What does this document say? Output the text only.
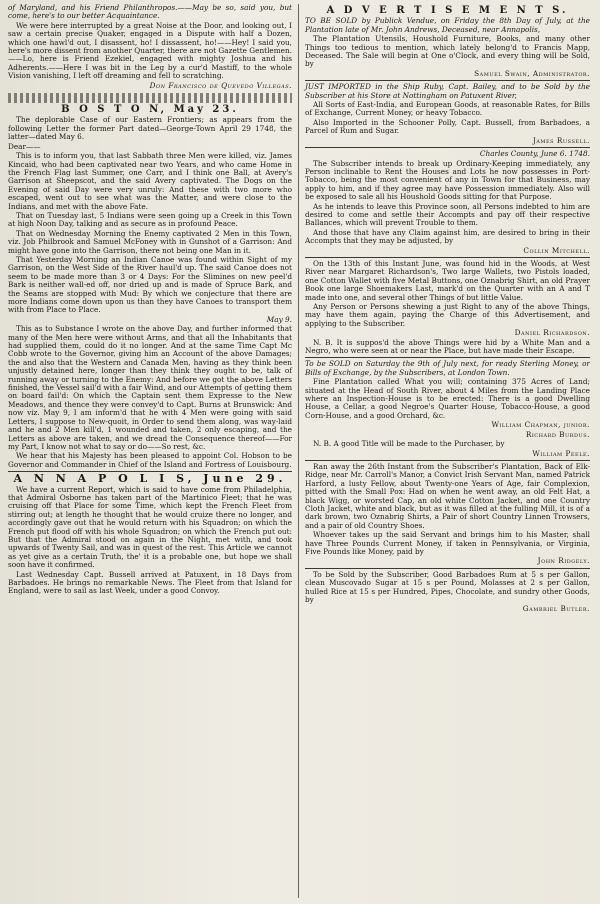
of Maryland, and his Friend Philanthropos.——May be so, said you, but come, here's to our better Acquaintance.

We were here interrupted by a great Noise at the Door, and looking out, I saw a certain precise Quaker, engaged in a Dispute with half a Dozen, which one hawl'd out, I disassent, ho! I dissassent, ho!——Hey! I said you, here's more dissent from another Quarter, there are not Gazette Gentlemen.——Lo, here is Friend Ezekiel, engaged with mighty Joshua and his Adherents.——Here I was bit in the Leg by a cur'd Mastiff, to the whole Vision vanishing, I left off dreaming and fell to scratching.

Don Francisco de Quevedo Villegas.

B O S T O N, May 23.

The deplorable Case of our Eastern Frontiers; as appears from the following Letter the former Part dated—George-Town April 29 1748, the latter—dated May 6.

Dear——

This is to inform you, that last Sabbath three Men were killed, viz. James Kincaid, who had been captivated near two Years, and who came Home in the French Flag last Summer, one Carr, and I think one Ball, at Avery's Garrison at Sheepscot, and the said Avery captivated. The Dogs on the Evening of said Day were very unruly: And these with two more who escaped, went out to see what was the Matter, and were close to the Indians, and met with the above Fate.

That on Tuesday last, 5 Indians were seen going up a Creek in this Town at high Noon Day, talking and as secure as in profound Peace.

That on Wednesday Morning the Enemy captivated 2 Men in this Town, viz. Job Philbrook and Samuel McFoney with in Gunshot of a Garrison: And might have gone into the Garrison, there not being one Man in it.

That Yesterday Morning an Indian Canoe was found within Sight of my Garrison, on the West Side of the River haul'd up. The said Canoe does not seem to be made more than 3 or 4 Days: For the Slimines on new peel'd Bark is neither wall-ed off, nor dried up and is made of Spruce Bark, and the Seams are stopped with Mud: By which we conjecture that there are more Indians come down upon us than they have Canoes to transport them with from Place to Place.

May 9.

This as to Substance I wrote on the above Day, and further informed that many of the Men here were without Arms, and that all the Inhabitants that had supplied them, could do it no longer. And at the same Time Capt Mc Cobb wrote to the Governor, giving him an Account of the above Damages; the and also that the Western and Canada Men, having as they think been unjustly detained here, longer than they think they ought to be, talk of running away or turning to the Enemy: And before we got the above Letters finished, the Vessel sail'd with a fair Wind, and our Attempts of getting them on board fail'd: On which the Captain sent them Expresse to the New Meadows, and thence they were convey'd to Capt. Burns at Brunswick: And now viz. May 9, I am inform'd that he with 4 Men were going with said Letters, I suppose to New-quoit, in Order to send them along, was way-laid and he and 2 Men kill'd, 1 wounded and taken, 2 only escaping, and the Letters as above are taken, and we dread the Consequence thereof——For my Part, I know not what to say or do——So rest, &c.

We hear that his Majesty has been pleased to appoint Col. Hobson to be Governor and Commander in Chief of the Island and Fortress of Louisbourg.

A N N A P O L I S, June 29.

We have a current Report, which is said to have come from Philadelphia, that Admiral Osborne has taken part of the Martinico Fleet; that he was cruising off that Place for some Time, which kept the French Fleet from stirring out; at length he thought that he would cruize there no longer, and accordingly gave out that he would return with his Squadron; on which the French put flood off with his whole Squadron; on which the French put out: But that the Admiral stood on again in the Night, met with, and took upwards of Twenty Sail, and was in quest of the rest. This Article we cannot as yet give as a certain Truth, the' it is a probable one, but hope we shall soon have it confirmed.

Last Wednesday Capt. Bussell arrived at Patuxent, in 18 Days from Barbadoes. He brings no remarkable News. The Fleet from that Island for England, were to sail as last Week, under a good Convoy.

A D V E R T I S E M E N T S.

TO BE SOLD by Publick Vendue, on Friday the 8th Day of July, at the Plantation late of Mr. John Andrews, Deceased, near Annapolis,

The Plantation Utensils, Houshold Furniture, Books, and many other Things too tedious to mention, which lately belong'd to Francis Mapp, Deceased. The Sale will begin at One o'Clock, and every thing will be Sold, by

Samuel Swain, Administrator.

JUST IMPORTED in the Ship Ruby, Capt. Bailey, and to be Sold by the Subscriber at his Store at Nottingham on Patuxent River,

All Sorts of East-India, and European Goods, at reasonable Rates, for Bills of Exchange, Current Money, or heavy Tobacco.

Also Imported in the Schooner Polly, Capt. Bussell, from Barbadoes, a Parcel of Rum and Sugar.

James Russell.

Charles County, June 6. 1748.

The Subscriber intends to break up Ordinary-Keeping immediately, any Person inclinable to Rent the Houses and Lots he now possesses in Port-Tobacco, being the most convenient of any in Town for that Business, may apply to him, and if they agree may have Possession immediately. Also will be exposed to sale all his Houshold Goods sitting for that Purpose.

As he intends to leave this Province soon, all Persons indebted to him are desired to come and settle their Accompts and pay off their respective Ballances, which will prevent Trouble to them.

And those that have any Claim against him, are desired to bring in their Accompts that they may be adjusted, by

Collin Mitchell.

On the 13th of this Instant June, was found hid in the Woods, at West River near Margaret Richardson's, Two large Wallets, two Pistols loaded, one Cotton Wallet with five Metal Buttons, one Oznabrig Shirt, an old Prayer Book one large Shoemakers Last, mark'd on the Quarter with an A and T made into one, and several other Things of but little Value.

Any Person or Persons shewing a just Right to any of the above Things, may have them again, paying the Charge of this Advertisement, and applying to the Subscriber.

Daniel Richardson.

N. B. It is suppos'd the above Things were hid by a White Man and a Negro, who were seen at or near the Place, but have made their Escape.

To be SOLD on Saturday the 9th of July next, for ready Sterling Money, or Bills of Exchange, by the Subscribers, at London Town.

Fine Plantation called What you will; containing 375 Acres of Land; situated at the Head of South River, about 4 Miles from the Landing Place where an Inspection-House is to be erected: There is a good Dwelling House, a Cellar, a good Negroe's Quarter House, Tobacco-House, a good Corn-House, and a good Orchard, &c.

William Chapman, junior.

Richard Burdus.

N. B. A good Title will be made to the Purchaser, by

William Peele.

Ran away the 26th Instant from the Subscriber's Plantation, Back of Elk-Ridge, near Mr. Carroll's Manor, a Convict Irish Servant Man, named Patrick Harford, a lusty Fellow, about Twenty-one Years of Age, fair Complexion, pitted with the Small Pox: Had on when he went away, an old Felt Hat, a black Wigg, or worsted Cap, an old white Cotton Jacket, and one Country Cloth Jacket, white and black, but as it was filled at the fulling Mill, it is of a dark brown, two Oznabrig Shirts, a Pair of short Country Linnen Trowsers, and a pair of old Country Shoes.

Whoever takes up the said Servant and brings him to his Master, shall have Three Pounds Current Money, if taken in Pennsylvania, or Virginia, Five Pounds like Money, paid by

John Ridgely.

To be Sold by the Subscriber, Good Barbadoes Rum at 5 s per Gallon, clean Muscovado Sugar at 15 s per Pound, Molasses at 2 s per Gallon, hulled Rice at 15 s per Hundred, Pipes, Chocolate, and sundry other Goods, by

Gambriel Butler.
